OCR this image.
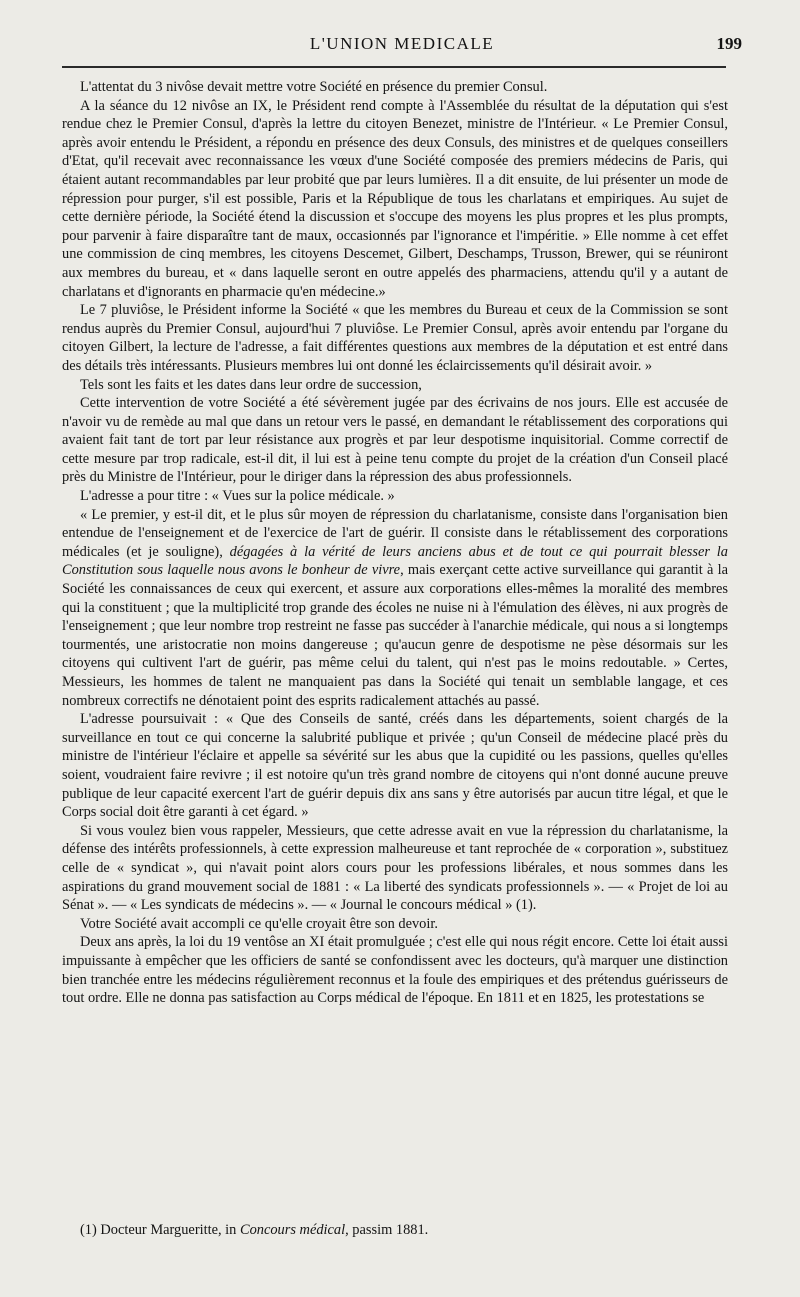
L'UNION MEDICALE	199

L'attentat du 3 nivôse devait mettre votre Société en présence du premier Consul.

A la séance du 12 nivôse an IX, le Président rend compte à l'Assemblée du résultat de la députation qui s'est rendue chez le Premier Consul, d'après la lettre du citoyen Benezet, ministre de l'Intérieur. « Le Premier Consul, après avoir entendu le Président, a répondu en présence des deux Consuls, des ministres et de quelques conseillers d'Etat, qu'il recevait avec reconnaissance les vœux d'une Société composée des premiers médecins de Paris, qui étaient autant recommandables par leur probité que par leurs lumières. Il a dit ensuite, de lui présenter un mode de répression pour purger, s'il est possible, Paris et la République de tous les charlatans et empiriques. Au sujet de cette dernière période, la Société étend la discussion et s'occupe des moyens les plus propres et les plus prompts, pour parvenir à faire disparaître tant de maux, occasionnés par l'ignorance et l'impéritie. » Elle nomme à cet effet une commission de cinq membres, les citoyens Descemet, Gilbert, Deschamps, Trusson, Brewer, qui se réuniront aux membres du bureau, et « dans laquelle seront en outre appelés des pharmaciens, attendu qu'il y a autant de charlatans et d'ignorants en pharmacie qu'en médecine.»

Le 7 pluviôse, le Président informe la Société « que les membres du Bureau et ceux de la Commission se sont rendus auprès du Premier Consul, aujourd'hui 7 pluviôse. Le Premier Consul, après avoir entendu par l'organe du citoyen Gilbert, la lecture de l'adresse, a fait différentes questions aux membres de la députation et est entré dans des détails très intéressants. Plusieurs membres lui ont donné les éclaircissements qu'il désirait avoir. »

Tels sont les faits et les dates dans leur ordre de succession,

Cette intervention de votre Société a été sévèrement jugée par des écrivains de nos jours. Elle est accusée de n'avoir vu de remède au mal que dans un retour vers le passé, en demandant le rétablissement des corporations qui avaient fait tant de tort par leur résistance aux progrès et par leur despotisme inquisitorial. Comme correctif de cette mesure par trop radicale, est-il dit, il lui est à peine tenu compte du projet de la création d'un Conseil placé près du Ministre de l'Intérieur, pour le diriger dans la répression des abus professionnels.

L'adresse a pour titre : « Vues sur la police médicale. »

« Le premier, y est-il dit, et le plus sûr moyen de répression du charlatanisme, consiste dans l'organisation bien entendue de l'enseignement et de l'exercice de l'art de guérir. Il consiste dans le rétablissement des corporations médicales (et je souligne), dégagées à la vérité de leurs anciens abus et de tout ce qui pourrait blesser la Constitution sous laquelle nous avons le bonheur de vivre, mais exerçant cette active surveillance qui garantit à la Société les connaissances de ceux qui exercent, et assure aux corporations elles-mêmes la moralité des membres qui la constituent ; que la multiplicité trop grande des écoles ne nuise ni à l'émulation des élèves, ni aux progrès de l'enseignement ; que leur nombre trop restreint ne fasse pas succéder à l'anarchie médicale, qui nous a si longtemps tourmentés, une aristocratie non moins dangereuse ; qu'aucun genre de despotisme ne pèse désormais sur les citoyens qui cultivent l'art de guérir, pas même celui du talent, qui n'est pas le moins redoutable. » Certes, Messieurs, les hommes de talent ne manquaient pas dans la Société qui tenait un semblable langage, et ces nombreux correctifs ne dénotaient point des esprits radicalement attachés au passé.

L'adresse poursuivait : « Que des Conseils de santé, créés dans les départements, soient chargés de la surveillance en tout ce qui concerne la salubrité publique et privée ; qu'un Conseil de médecine placé près du ministre de l'intérieur l'éclaire et appelle sa sévérité sur les abus que la cupidité ou les passions, quelles qu'elles soient, voudraient faire revivre ; il est notoire qu'un très grand nombre de citoyens qui n'ont donné aucune preuve publique de leur capacité exercent l'art de guérir depuis dix ans sans y être autorisés par aucun titre légal, et que le Corps social doit être garanti à cet égard. »

Si vous voulez bien vous rappeler, Messieurs, que cette adresse avait en vue la répression du charlatanisme, la défense des intérêts professionnels, à cette expression malheureuse et tant reprochée de « corporation », substituez celle de « syndicat », qui n'avait point alors cours pour les professions libérales, et nous sommes dans les aspirations du grand mouvement social de 1881 : « La liberté des syndicats professionnels ». — « Projet de loi au Sénat ». — « Les syndicats de médecins ». — « Journal le concours médical » (1).

Votre Société avait accompli ce qu'elle croyait être son devoir.

Deux ans après, la loi du 19 ventôse an XI était promulguée ; c'est elle qui nous régit encore. Cette loi était aussi impuissante à empêcher que les officiers de santé se confondissent avec les docteurs, qu'à marquer une distinction bien tranchée entre les médecins régulièrement reconnus et la foule des empiriques et des prétendus guérisseurs de tout ordre. Elle ne donna pas satisfaction au Corps médical de l'époque. En 1811 et en 1825, les protestations se

(1) Docteur Margueritte, in Concours médical, passim 1881.
